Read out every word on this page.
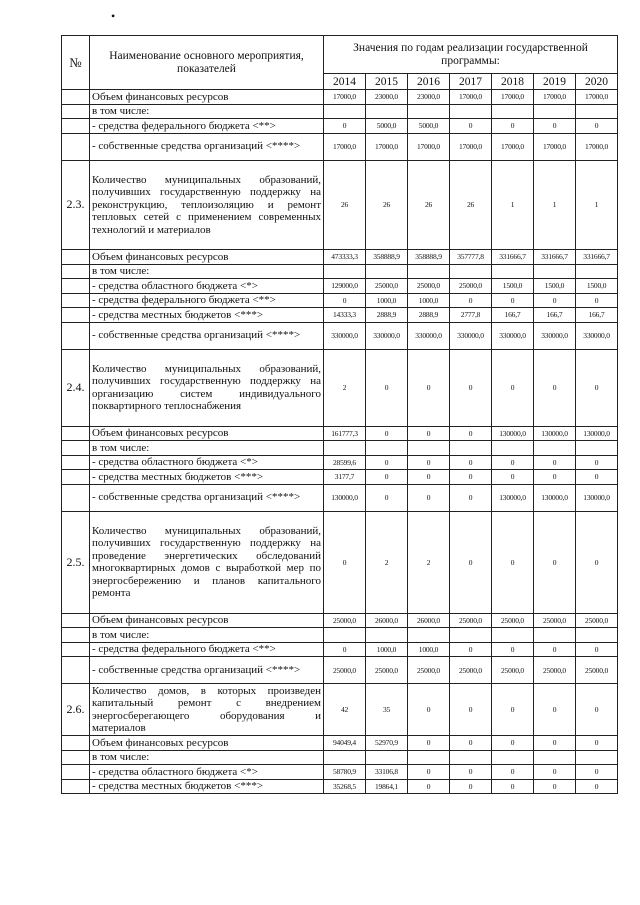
•
№	Наименование основного мероприятия, показателей	Значения по годам реализации государственной программы:						
		2014	2015	2016	2017	2018	2019	2020
	Объем финансовых ресурсов	17000,0	23000,0	23000,0	17000,0	17000,0	17000,0	17000,0
	в том числе:							
	- средства федерального бюджета <**>	0	5000,0	5000,0	0	0	0	0
	- собственные средства организаций <****>	17000,0	17000,0	17000,0	17000,0	17000,0	17000,0	17000,0
2.3.	Количество муниципальных образований, получивших государственную поддержку на реконструкцию, теплоизоляцию и ремонт тепловых сетей с применением современных технологий и материалов	26	26	26	26	1	1	1
	Объем финансовых ресурсов	473333,3	358888,9	358888,9	357777,8	331666,7	331666,7	331666,7
	в том числе:							
	- средства областного бюджета <*>	129000,0	25000,0	25000,0	25000,0	1500,0	1500,0	1500,0
	- средства федерального бюджета <**>	0	1000,0	1000,0	0	0	0	0
	- средства местных бюджетов <***>	14333,3	2888,9	2888,9	2777,8	166,7	166,7	166,7
	- собственные средства организаций <****>	330000,0	330000,0	330000,0	330000,0	330000,0	330000,0	330000,0
2.4.	Количество муниципальных образований, получивших государственную поддержку на организацию систем индивидуального поквартирного теплоснабжения	2	0	0	0	0	0	0
	Объем финансовых ресурсов	161777,3	0	0	0	130000,0	130000,0	130000,0
	в том числе:							
	- средства областного бюджета <*>	28599,6	0	0	0	0	0	0
	- средства местных бюджетов <***>	3177,7	0	0	0	0	0	0
	- собственные средства организаций <****>	130000,0	0	0	0	130000,0	130000,0	130000,0
2.5.	Количество муниципальных образований, получивших государственную поддержку на проведение энергетических обследований многоквартирных домов с выработкой мер по энергосбережению и планов капитального ремонта	0	2	2	0	0	0	0
	Объем финансовых ресурсов	25000,0	26000,0	26000,0	25000,0	25000,0	25000,0	25000,0
	в том числе:							
	- средства федерального бюджета <**>	0	1000,0	1000,0	0	0	0	0
	- собственные средства организаций <****>	25000,0	25000,0	25000,0	25000,0	25000,0	25000,0	25000,0
2.6.	Количество домов, в которых произведен капитальный ремонт с внедрением энергосберегающего оборудования и материалов	42	35	0	0	0	0	0
	Объем финансовых ресурсов	94049,4	52970,9	0	0	0	0	0
	в том числе:							
	- средства областного бюджета <*>	58780,9	33106,8	0	0	0	0	0
	- средства местных бюджетов <***>	35268,5	19864,1	0	0	0	0	0
